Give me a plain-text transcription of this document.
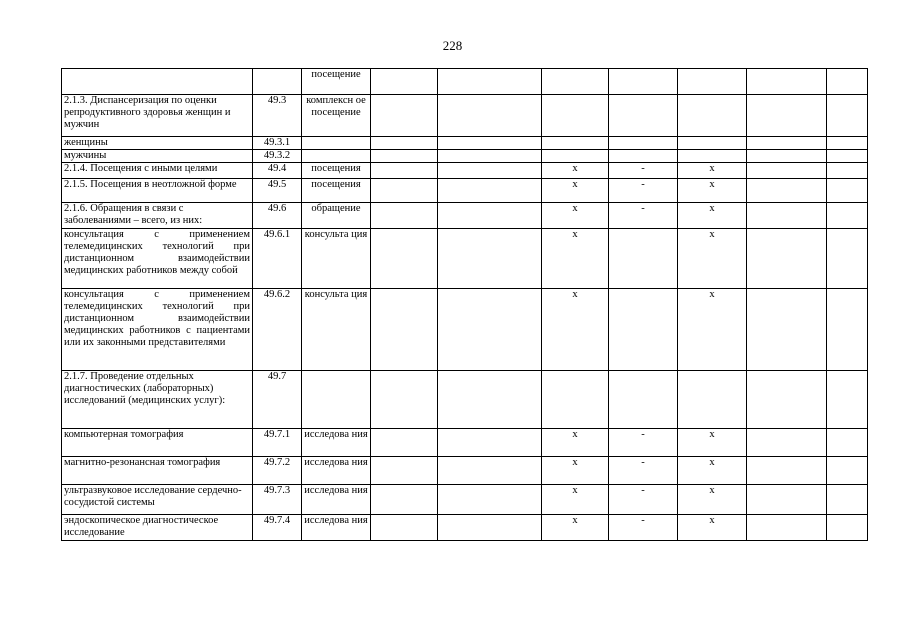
228
		посещение								
2.1.3. Диспансеризация по оценки репродуктивного здоровья женщин и мужчин	49.3	комплексн ое посещение								
женщины	49.3.1									
мужчины	49.3.2									
2.1.4. Посещения с иными целями	49.4	посещения			x	-	x			
2.1.5. Посещения в неотложной форме	49.5	посещения			x	-	x			
2.1.6. Обращения в связи с заболеваниями – всего, из них:	49.6	обращение			x	-	x			
консультация с применением телемедицинских технологий при дистанционном взаимодействии медицинских работников между собой	49.6.1	консульта ция			x		x			
консультация с применением телемедицинских технологий при дистанционном взаимодействии медицинских работников с пациентами или их законными представителями	49.6.2	консульта ция			x		x			
2.1.7. Проведение отдельных диагностических (лабораторных) исследований (медицинских услуг):	49.7									
компьютерная томография	49.7.1	исследова ния			x	-	x			
магнитно-резонансная томография	49.7.2	исследова ния			x	-	x			
ультразвуковое исследование сердечно-сосудистой системы	49.7.3	исследова ния			x	-	x			
эндоскопическое диагностическое исследование	49.7.4	исследова ния			x	-	x			
